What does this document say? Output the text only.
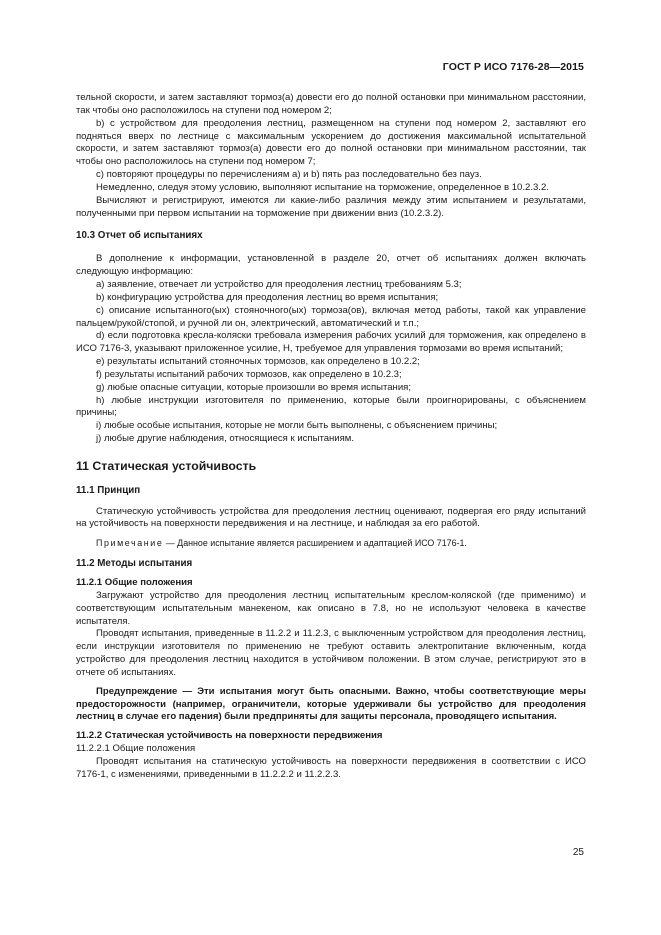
ГОСТ Р ИСО 7176-28—2015

тельной скорости, и затем заставляют тормоз(а) довести его до полной остановки при минимальном расстоянии, так чтобы оно расположилось на ступени под номером 2;

b) с устройством для преодоления лестниц, размещенном на ступени под номером 2, заставляют его подняться вверх по лестнице с максимальным ускорением до достижения максимальной испытательной скорости, и затем заставляют тормоз(а) довести его до полной остановки при минимальном расстоянии, так чтобы оно расположилось на ступени под номером 7;

c) повторяют процедуры по перечислениям a) и b) пять раз последовательно без пауз.

Немедленно, следуя этому условию, выполняют испытание на торможение, определенное в 10.2.3.2.

Вычисляют и регистрируют, имеются ли какие-либо различия между этим испытанием и результатами, полученными при первом испытании на торможение при движении вниз (10.2.3.2).

10.3 Отчет об испытаниях

В дополнение к информации, установленной в разделе 20, отчет об испытаниях должен включать следующую информацию:

a) заявление, отвечает ли устройство для преодоления лестниц требованиям 5.3;

b) конфигурацию устройства для преодоления лестниц во время испытания;

c) описание испытанного(ых) стояночного(ых) тормоза(ов), включая метод работы, такой как управление пальцем/рукой/стопой, и ручной ли он, электрический, автоматический и т.п.;

d) если подготовка кресла-коляски требовала измерения рабочих усилий для торможения, как определено в ИСО 7176-3, указывают приложенное усилие, Н, требуемое для управления тормозами во время испытаний;

e) результаты испытаний стояночных тормозов, как определено в 10.2.2;

f) результаты испытаний рабочих тормозов, как определено в 10.2.3;

g) любые опасные ситуации, которые произошли во время испытания;

h) любые инструкции изготовителя по применению, которые были проигнорированы, с объяснением причины;

i) любые особые испытания, которые не могли быть выполнены, с объяснением причины;

j) любые другие наблюдения, относящиеся к испытаниям.

11 Статическая устойчивость

11.1 Принцип

Статическую устойчивость устройства для преодоления лестниц оценивают, подвергая его ряду испытаний на устойчивость на поверхности передвижения и на лестнице, и наблюдая за его работой.

Примечание — Данное испытание является расширением и адаптацией ИСО 7176-1.

11.2 Методы испытания

11.2.1 Общие положения

Загружают устройство для преодоления лестниц испытательным креслом-коляской (где применимо) и соответствующим испытательным манекеном, как описано в 7.8, но не используют человека в качестве испытателя.

Проводят испытания, приведенные в 11.2.2 и 11.2.3, с выключенным устройством для преодоления лестниц, если инструкции изготовителя по применению не требуют оставить электропитание включенным, когда устройство для преодоления лестниц находится в устойчивом положении. В этом случае, регистрируют это в отчете об испытаниях.

Предупреждение — Эти испытания могут быть опасными. Важно, чтобы соответствующие меры предосторожности (например, ограничители, которые удерживали бы устройство для преодоления лестниц в случае его падения) были предприняты для защиты персонала, проводящего испытания.

11.2.2 Статическая устойчивость на поверхности передвижения

11.2.2.1 Общие положения

Проводят испытания на статическую устойчивость на поверхности передвижения в соответствии с ИСО 7176-1, с изменениями, приведенными в 11.2.2.2 и 11.2.2.3.

25
